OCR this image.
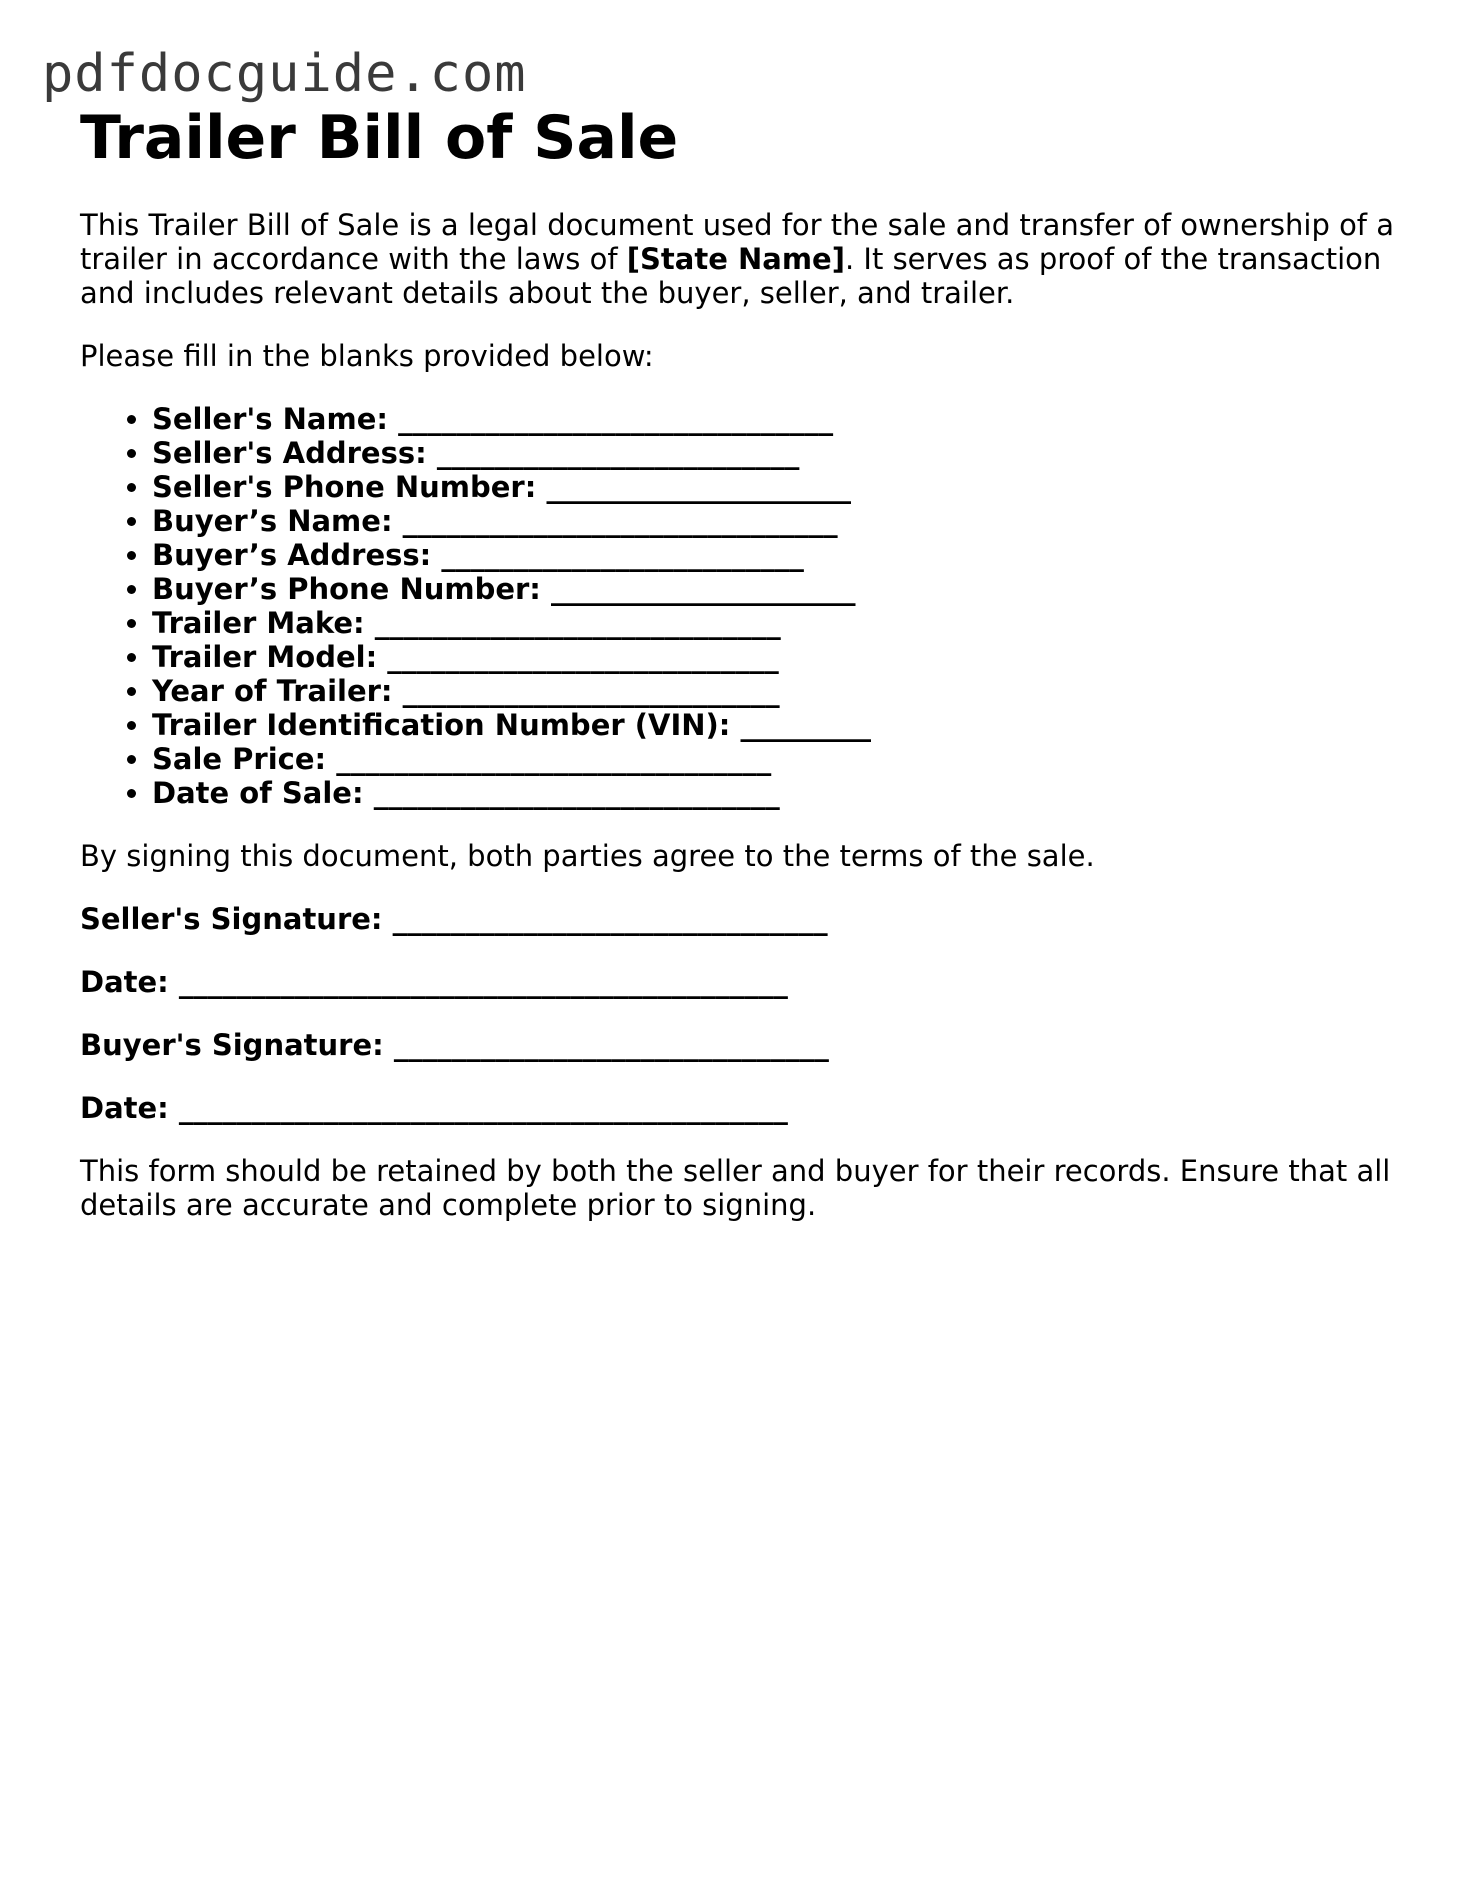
pdfdocguide.com
Trailer Bill of Sale

This Trailer Bill of Sale is a legal document used for the sale and transfer of ownership of a trailer in accordance with the laws of [State Name]. It serves as proof of the transaction and includes relevant details about the buyer, seller, and trailer.

Please fill in the blanks provided below:

• Seller's Name: ______________________________
• Seller's Address: _________________________
• Seller's Phone Number: _____________________
• Buyer’s Name: ______________________________
• Buyer’s Address: _________________________
• Buyer’s Phone Number: _____________________
• Trailer Make: ____________________________
• Trailer Model: ___________________________
• Year of Trailer: __________________________
• Trailer Identification Number (VIN): _________
• Sale Price: ______________________________
• Date of Sale: ____________________________

By signing this document, both parties agree to the terms of the sale.

Seller's Signature: ______________________________

Date: __________________________________________

Buyer's Signature: ______________________________

Date: __________________________________________

This form should be retained by both the seller and buyer for their records. Ensure that all details are accurate and complete prior to signing.
